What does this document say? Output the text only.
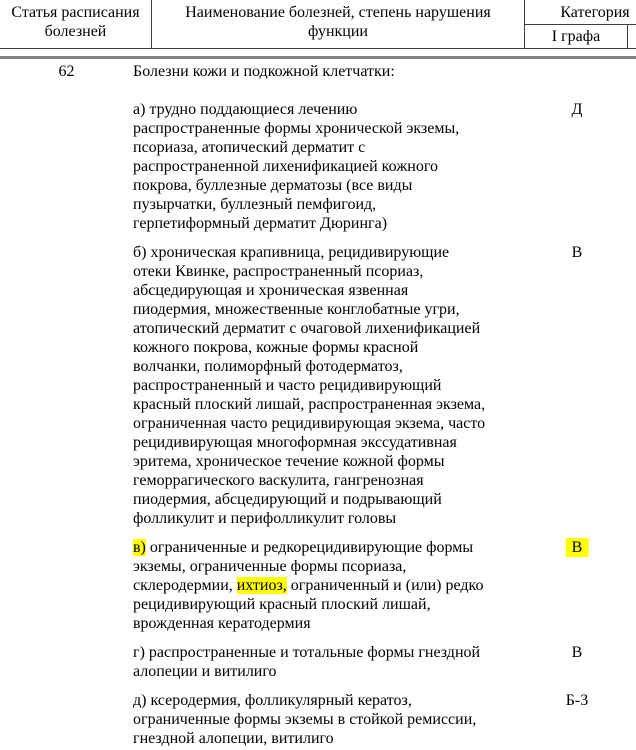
Статья расписания болезней
Наименование болезней, степень нарушения функции
Категория
I графа
62	Болезни кожи и подкожной клетчатки:
а) трудно поддающиеся лечению
распространенные формы хронической экземы,
псориаза, атопический дерматит с
распространенной лихенификацией кожного
покрова, буллезные дерматозы (все виды
пузырчатки, буллезный пемфигоид,
герпетиформный дерматит Дюринга)
Д
б) хроническая крапивница, рецидивирующие
отеки Квинке, распространенный псориаз,
абсцедирующая и хроническая язвенная
пиодермия, множественные конглобатные угри,
атопический дерматит с очаговой лихенификацией
кожного покрова, кожные формы красной
волчанки, полиморфный фотодерматоз,
распространенный и часто рецидивирующий
красный плоский лишай, распространенная экзема,
ограниченная часто рецидивирующая экзема, часто
рецидивирующая многоформная экссудативная
эритема, хроническое течение кожной формы
геморрагического васкулита, гангренозная
пиодермия, абсцедирующий и подрывающий
фолликулит и перифолликулит головы
В
в) ограниченные и редкорецидивирующие формы
экземы, ограниченные формы псориаза,
склеродермии, ихтиоз, ограниченный и (или) редко
рецидивирующий красный плоский лишай,
врожденная кератодермия
В
г) распространенные и тотальные формы гнездной
алопеции и витилиго
В
д) ксеродермия, фолликулярный кератоз,
ограниченные формы экземы в стойкой ремиссии,
гнездной алопеции, витилиго
Б-3
